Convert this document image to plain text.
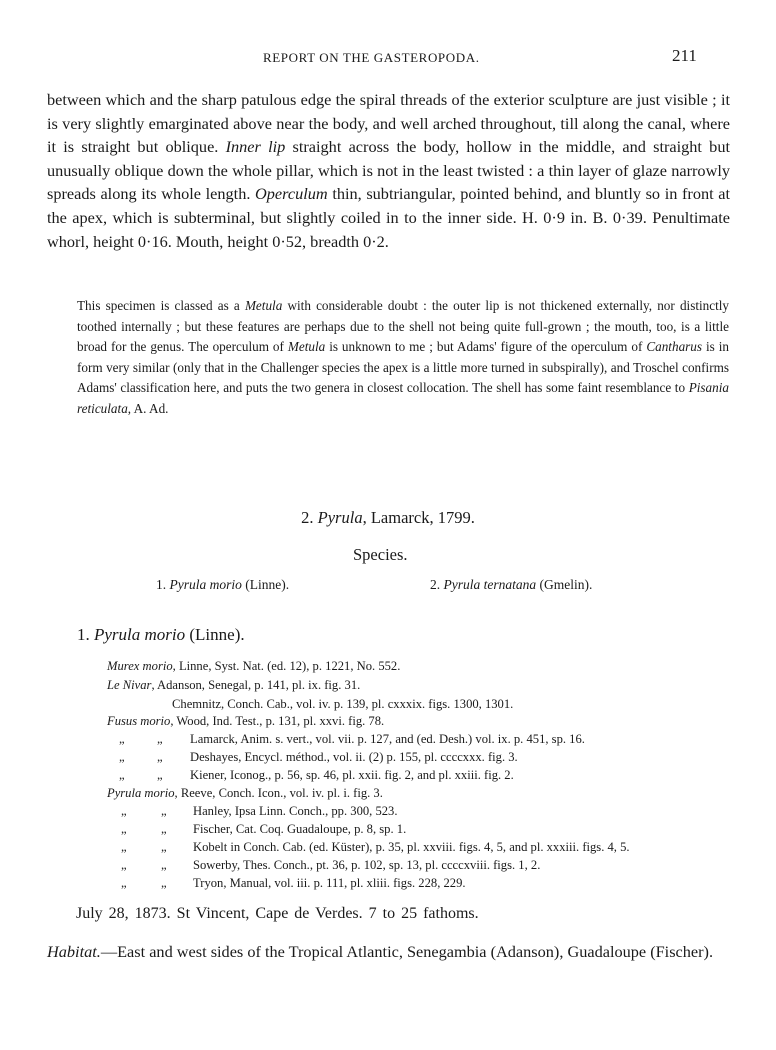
REPORT ON THE GASTEROPODA.	211

between which and the sharp patulous edge the spiral threads of the exterior sculpture are just visible ; it is very slightly emarginated above near the body, and well arched throughout, till along the canal, where it is straight but oblique. Inner lip straight across the body, hollow in the middle, and straight but unusually oblique down the whole pillar, which is not in the least twisted : a thin layer of glaze narrowly spreads along its whole length. Operculum thin, subtriangular, pointed behind, and bluntly so in front at the apex, which is subterminal, but slightly coiled in to the inner side. H. 0·9 in. B. 0·39. Penultimate whorl, height 0·16. Mouth, height 0·52, breadth 0·2.

This specimen is classed as a Metula with considerable doubt : the outer lip is not thickened externally, nor distinctly toothed internally ; but these features are perhaps due to the shell not being quite full-grown ; the mouth, too, is a little broad for the genus. The operculum of Metula is unknown to me ; but Adams' figure of the operculum of Cantharus is in form very similar (only that in the Challenger species the apex is a little more turned in subspirally), and Troschel confirms Adams' classification here, and puts the two genera in closest collocation. The shell has some faint resemblance to Pisania reticulata, A. Ad.

2. Pyrula, Lamarck, 1799.
Species.
1. Pyrula morio (Linne).	2. Pyrula ternatana (Gmelin).
1. Pyrula morio (Linne).
Murex morio, Linne, Syst. Nat. (ed. 12), p. 1221, No. 552.
Le Nivar, Adanson, Senegal, p. 141, pl. ix. fig. 31.
Chemnitz, Conch. Cab., vol. iv. p. 139, pl. cxxxix. figs. 1300, 1301.
Fusus morio, Wood, Ind. Test., p. 131, pl. xxvi. fig. 78.
„	„ Lamarck, Anim. s. vert., vol. vii. p. 127, and (ed. Desh.) vol. ix. p. 451, sp. 16.
„	„ Deshayes, Encycl. méthod., vol. ii. (2) p. 155, pl. ccccxxx. fig. 3.
„	„ Kiener, Iconog., p. 56, sp. 46, pl. xxii. fig. 2, and pl. xxiii. fig. 2.
Pyrula morio, Reeve, Conch. Icon., vol. iv. pl. i. fig. 3.
„	„ Hanley, Ipsa Linn. Conch., pp. 300, 523.
„	„ Fischer, Cat. Coq. Guadaloupe, p. 8, sp. 1.
„	„ Kobelt in Conch. Cab. (ed. Küster), p. 35, pl. xxviii. figs. 4, 5, and pl. xxxiii. figs. 4, 5.
„	„ Sowerby, Thes. Conch., pt. 36, p. 102, sp. 13, pl. ccccxviii. figs. 1, 2.
„	„ Tryon, Manual, vol. iii. p. 111, pl. xliii. figs. 228, 229.
July 28, 1873. St Vincent, Cape de Verdes. 7 to 25 fathoms.

Habitat.—East and west sides of the Tropical Atlantic, Senegambia (Adanson), Guadaloupe (Fischer).
